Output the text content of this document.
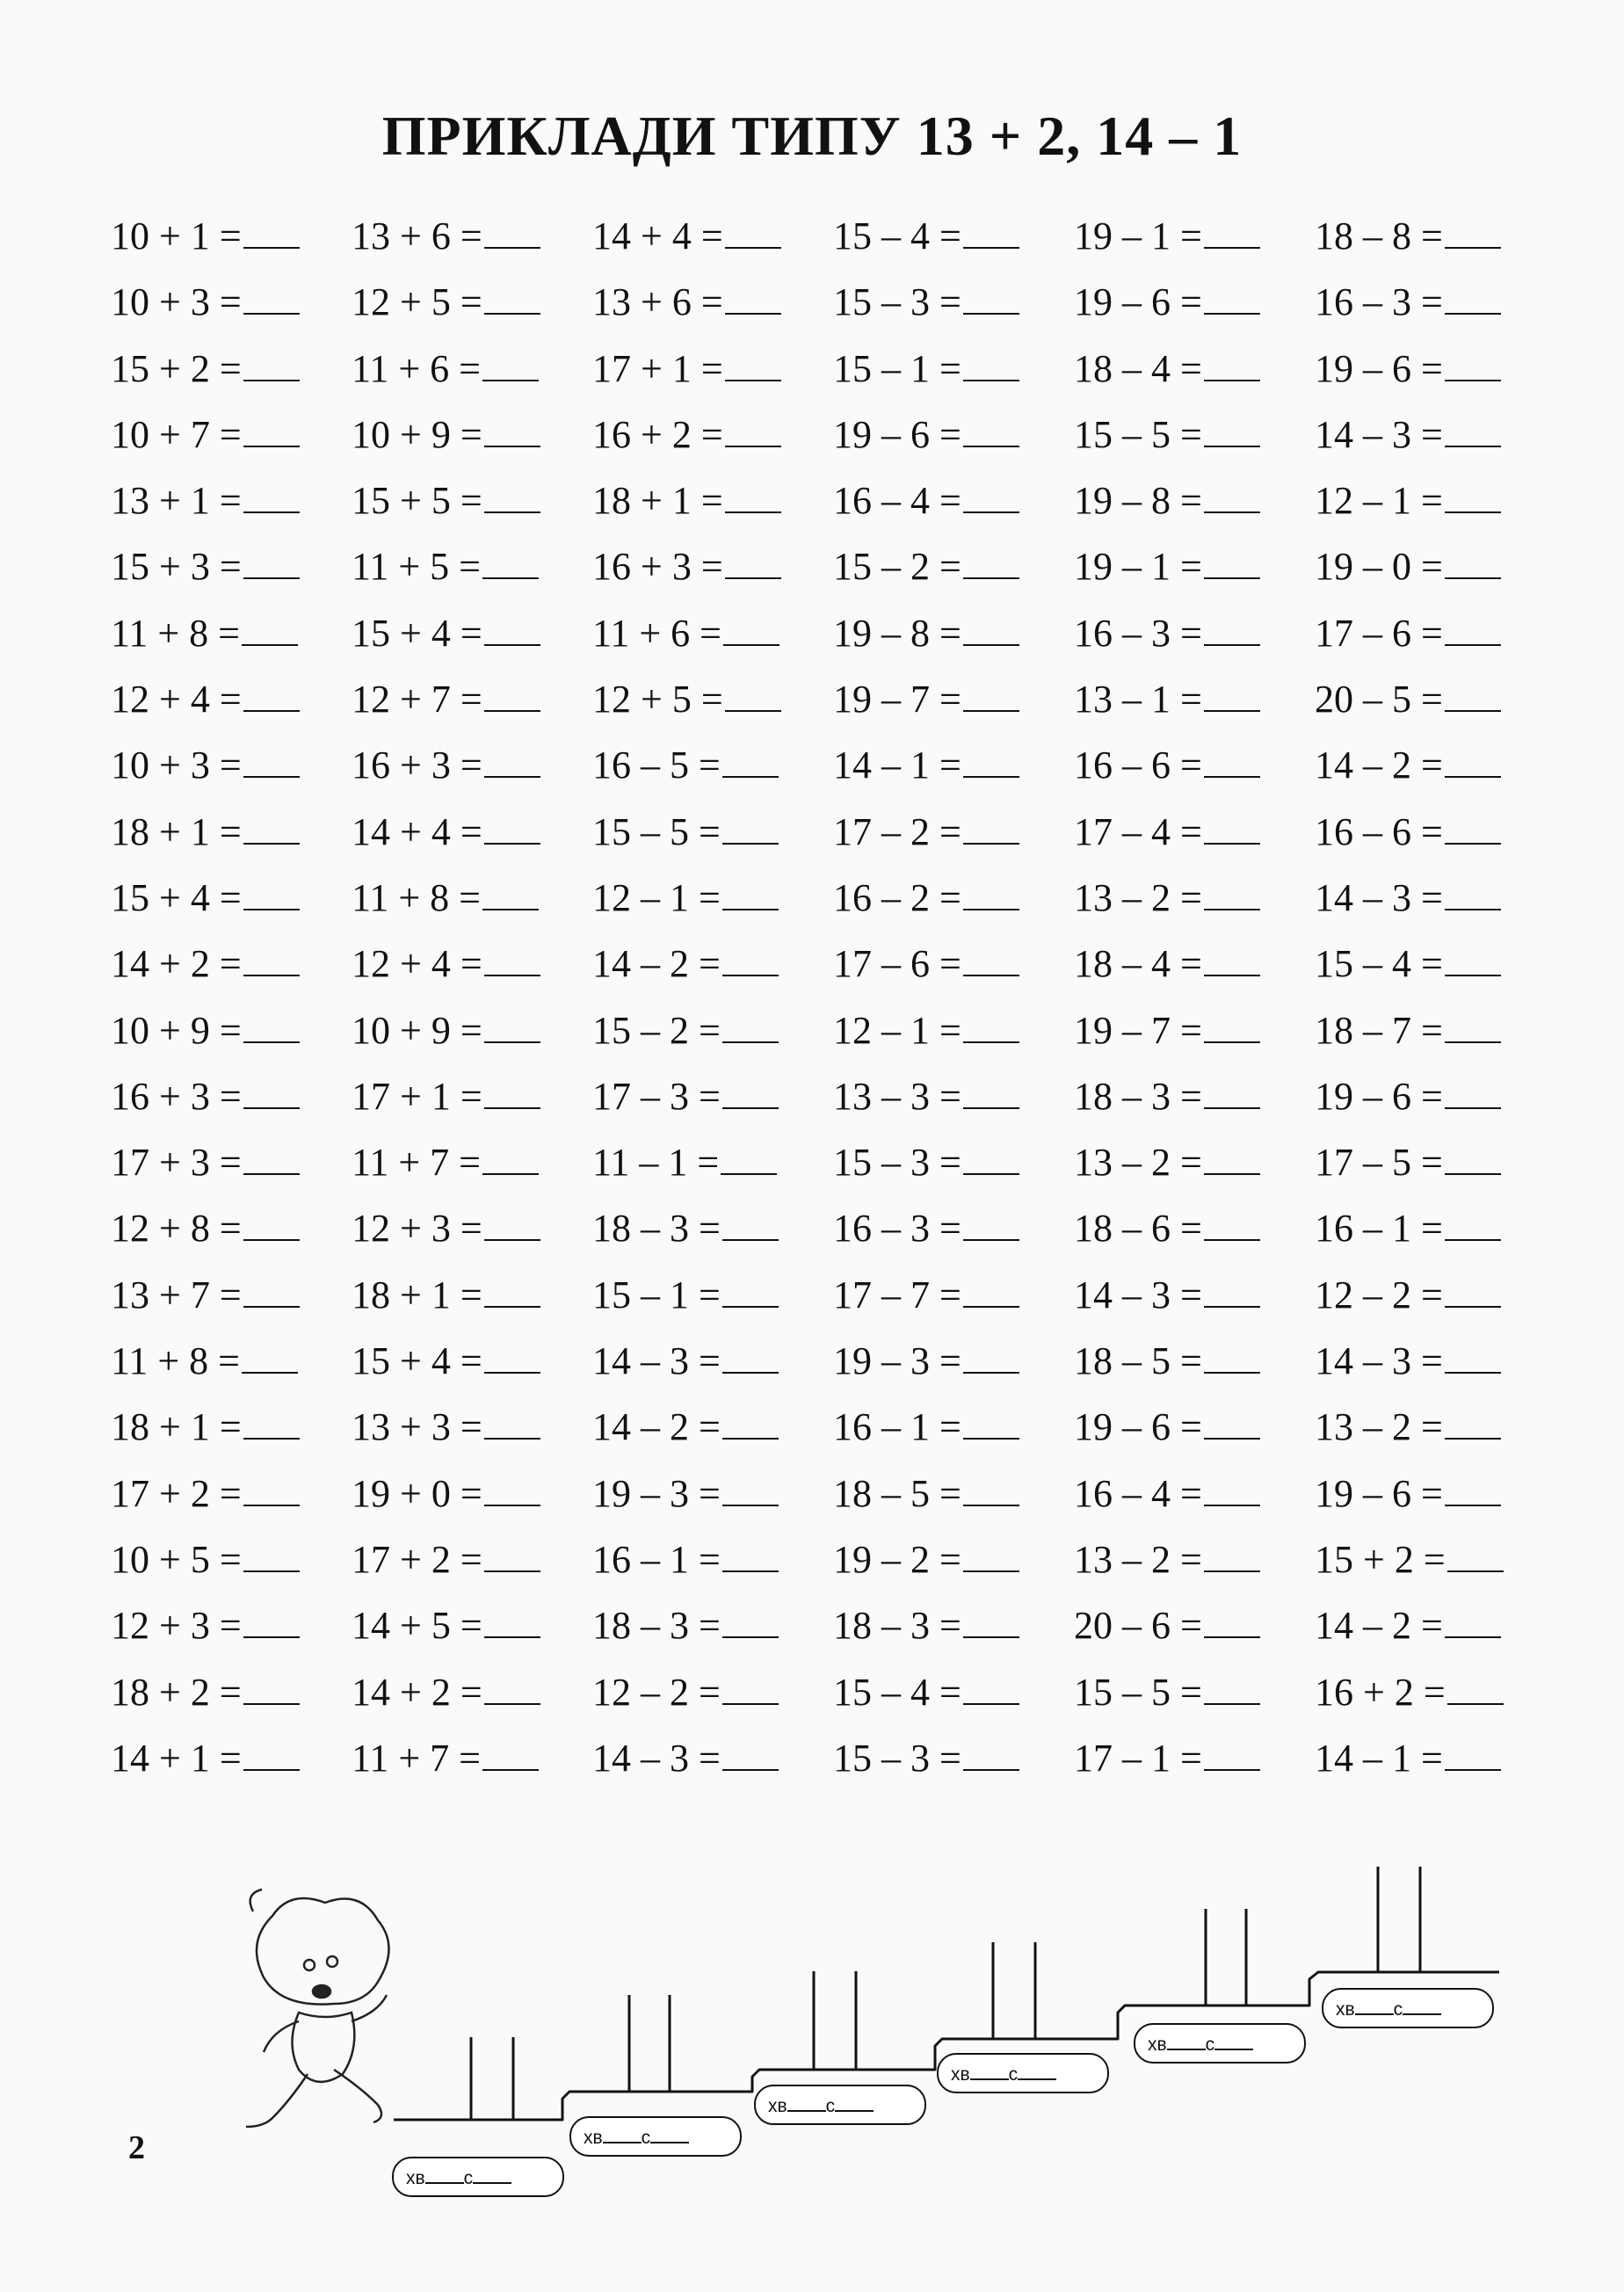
ПРИКЛАДИ ТИПУ 13 + 2, 14 – 1
10 + 1 =	13 + 6 =	14 + 4 =	15 – 4 =	19 – 1 =	18 – 8 =
10 + 3 =	12 + 5 =	13 + 6 =	15 – 3 =	19 – 6 =	16 – 3 =
15 + 2 =	11 + 6 =	17 + 1 =	15 – 1 =	18 – 4 =	19 – 6 =
10 + 7 =	10 + 9 =	16 + 2 =	19 – 6 =	15 – 5 =	14 – 3 =
13 + 1 =	15 + 5 =	18 + 1 =	16 – 4 =	19 – 8 =	12 – 1 =
15 + 3 =	11 + 5 =	16 + 3 =	15 – 2 =	19 – 1 =	19 – 0 =
11 + 8 =	15 + 4 =	11 + 6 =	19 – 8 =	16 – 3 =	17 – 6 =
12 + 4 =	12 + 7 =	12 + 5 =	19 – 7 =	13 – 1 =	20 – 5 =
10 + 3 =	16 + 3 =	16 – 5 =	14 – 1 =	16 – 6 =	14 – 2 =
18 + 1 =	14 + 4 =	15 – 5 =	17 – 2 =	17 – 4 =	16 – 6 =
15 + 4 =	11 + 8 =	12 – 1 =	16 – 2 =	13 – 2 =	14 – 3 =
14 + 2 =	12 + 4 =	14 – 2 =	17 – 6 =	18 – 4 =	15 – 4 =
10 + 9 =	10 + 9 =	15 – 2 =	12 – 1 =	19 – 7 =	18 – 7 =
16 + 3 =	17 + 1 =	17 – 3 =	13 – 3 =	18 – 3 =	19 – 6 =
17 + 3 =	11 + 7 =	11 – 1 =	15 – 3 =	13 – 2 =	17 – 5 =
12 + 8 =	12 + 3 =	18 – 3 =	16 – 3 =	18 – 6 =	16 – 1 =
13 + 7 =	18 + 1 =	15 – 1 =	17 – 7 =	14 – 3 =	12 – 2 =
11 + 8 =	15 + 4 =	14 – 3 =	19 – 3 =	18 – 5 =	14 – 3 =
18 + 1 =	13 + 3 =	14 – 2 =	16 – 1 =	19 – 6 =	13 – 2 =
17 + 2 =	19 + 0 =	19 – 3 =	18 – 5 =	16 – 4 =	19 – 6 =
10 + 5 =	17 + 2 =	16 – 1 =	19 – 2 =	13 – 2 =	15 + 2 =
12 + 3 =	14 + 5 =	18 – 3 =	18 – 3 =	20 – 6 =	14 – 2 =
18 + 2 =	14 + 2 =	12 – 2 =	15 – 4 =	15 – 5 =	16 + 2 =
14 + 1 =	11 + 7 =	14 – 3 =	15 – 3 =	17 – 1 =	14 – 1 =
хв с
хв с
хв с
хв с
хв с
хв с
2
